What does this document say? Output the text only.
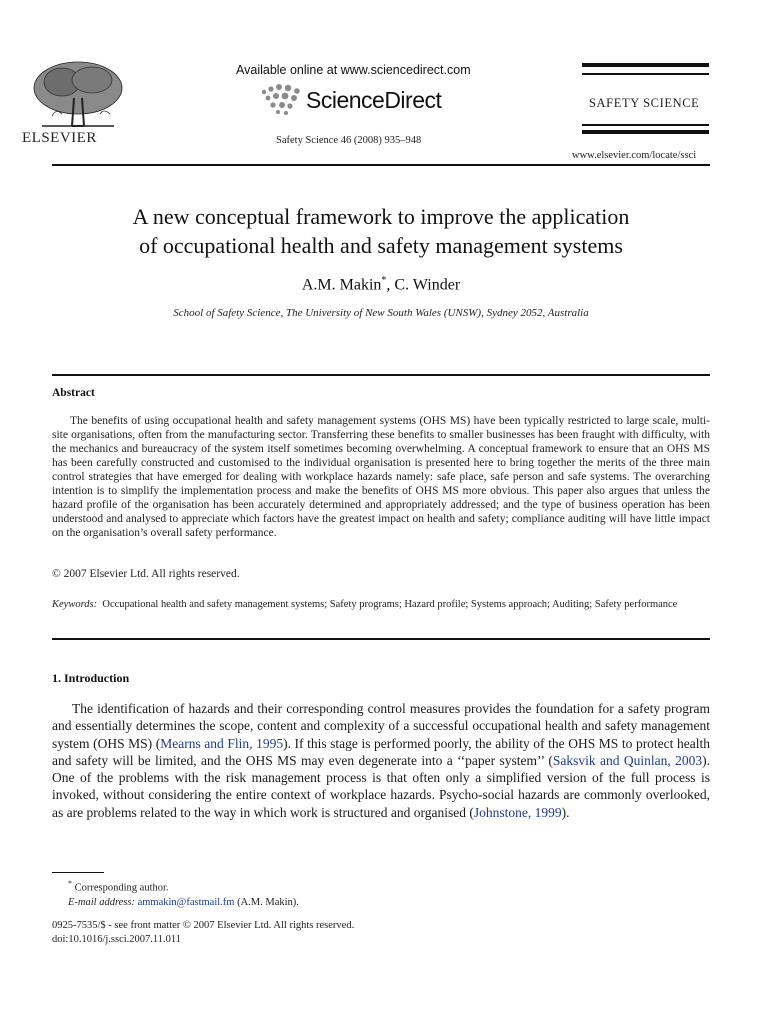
ELSEVIER
Available online at www.sciencedirect.com
ScienceDirect
Safety Science 46 (2008) 935–948
SAFETY SCIENCE
www.elsevier.com/locate/ssci
A new conceptual framework to improve the application
of occupational health and safety management systems
A.M. Makin*, C. Winder
School of Safety Science, The University of New South Wales (UNSW), Sydney 2052, Australia
Abstract

The benefits of using occupational health and safety management systems (OHS MS) have been typically restricted to large scale, multi-site organisations, often from the manufacturing sector. Transferring these benefits to smaller businesses has been fraught with difficulty, with the mechanics and bureaucracy of the system itself sometimes becoming overwhelming. A conceptual framework to ensure that an OHS MS has been carefully constructed and customised to the individual organisation is presented here to bring together the merits of the three main control strategies that have emerged for dealing with workplace hazards namely: safe place, safe person and safe systems. The overarching intention is to simplify the implementation process and make the benefits of OHS MS more obvious. This paper also argues that unless the hazard profile of the organisation has been accurately determined and appropriately addressed; and the type of business operation has been understood and analysed to appreciate which factors have the greatest impact on health and safety; compliance auditing will have little impact on the organisation’s overall safety performance.

© 2007 Elsevier Ltd. All rights reserved.
Keywords: Occupational health and safety management systems; Safety programs; Hazard profile; Systems approach; Auditing; Safety performance
1. Introduction

The identification of hazards and their corresponding control measures provides the foundation for a safety program and essentially determines the scope, content and complexity of a successful occupational health and safety management system (OHS MS) (Mearns and Flin, 1995). If this stage is performed poorly, the ability of the OHS MS to protect health and safety will be limited, and the OHS MS may even degenerate into a ‘‘paper system’’ (Saksvik and Quinlan, 2003). One of the problems with the risk management process is that often only a simplified version of the full process is invoked, without considering the entire context of workplace hazards. Psycho-social hazards are commonly overlooked, as are problems related to the way in which work is structured and organised (Johnstone, 1999).

* Corresponding author.
E-mail address: ammakin@fastmail.fm (A.M. Makin).
0925-7535/$ - see front matter © 2007 Elsevier Ltd. All rights reserved.
doi:10.1016/j.ssci.2007.11.011
